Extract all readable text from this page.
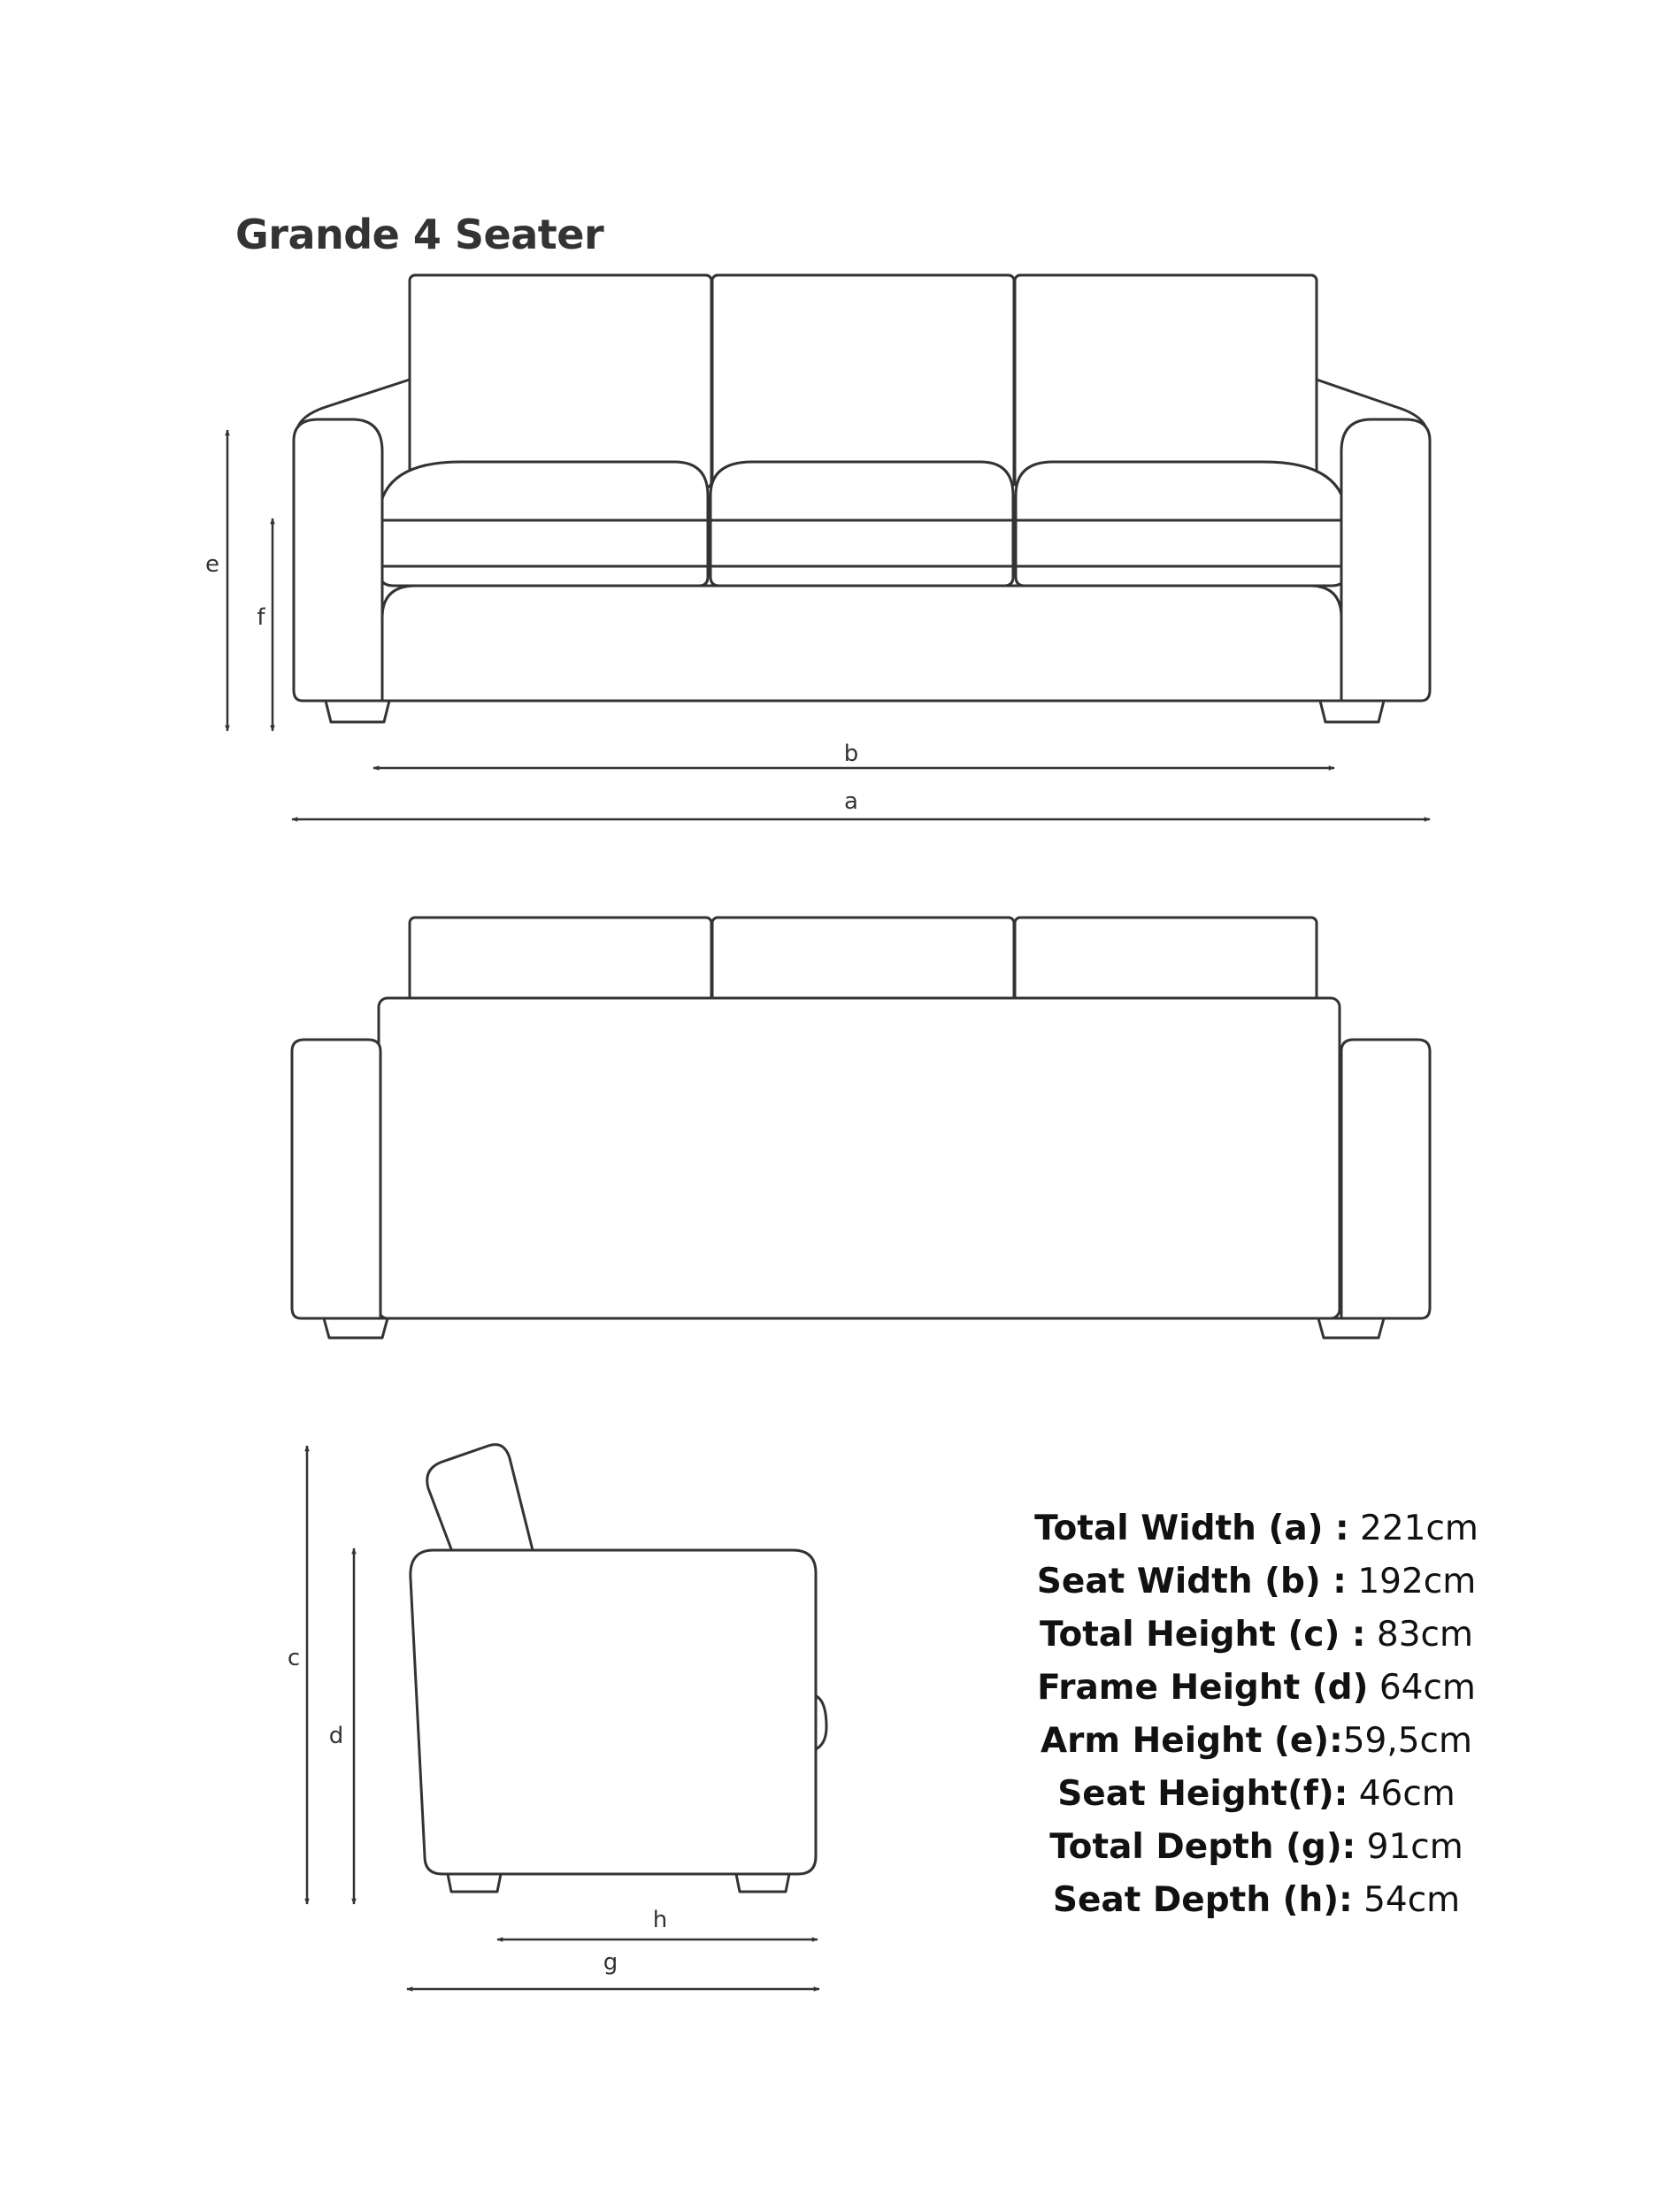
Grande 4 Seater
e
f
b
a
c
d
h
g
Total Width (a) : 221cm
Seat Width (b) : 192cm
Total Height (c) : 83cm
Frame Height (d) 64cm
Arm Height (e):59,5cm
Seat Height(f): 46cm
Total Depth (g): 91cm
Seat Depth (h): 54cm
